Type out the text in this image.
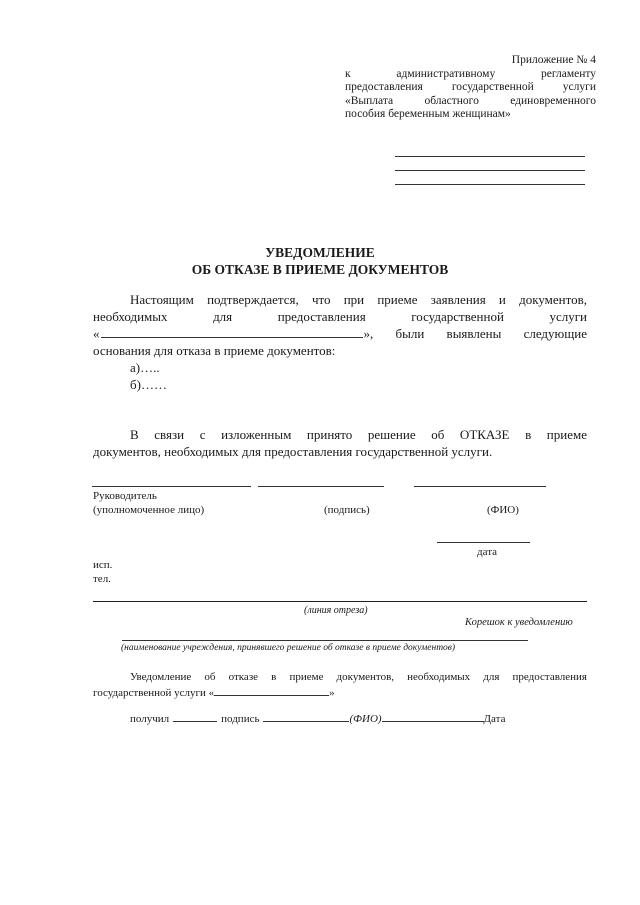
Приложение № 4
к административному регламенту
предоставления государственной услуги
«Выплата областного единовременного
пособия беременным женщинам»
УВЕДОМЛЕНИЕ
ОБ ОТКАЗЕ В ПРИЕМЕ ДОКУМЕНТОВ
Настоящим подтверждается, что при приеме заявления и документов,
необходимых для предоставления государственной услуги
«	», были выявлены следующие
основания для отказа в приеме документов:
а)…..
б)……
В связи с изложенным принято решение об ОТКАЗЕ в приеме
документов, необходимых для предоставления государственной услуги.
Руководитель
(уполномоченное лицо)	(подпись)	(ФИО)
дата
исп.
тел.
(линия отреза)
Корешок к уведомлению
(наименование учреждения, принявшего решение об отказе в приеме документов)
Уведомление об отказе в приеме документов, необходимых для предоставления
государственной услуги «	»
получил	подпись	(ФИО)	Дата
